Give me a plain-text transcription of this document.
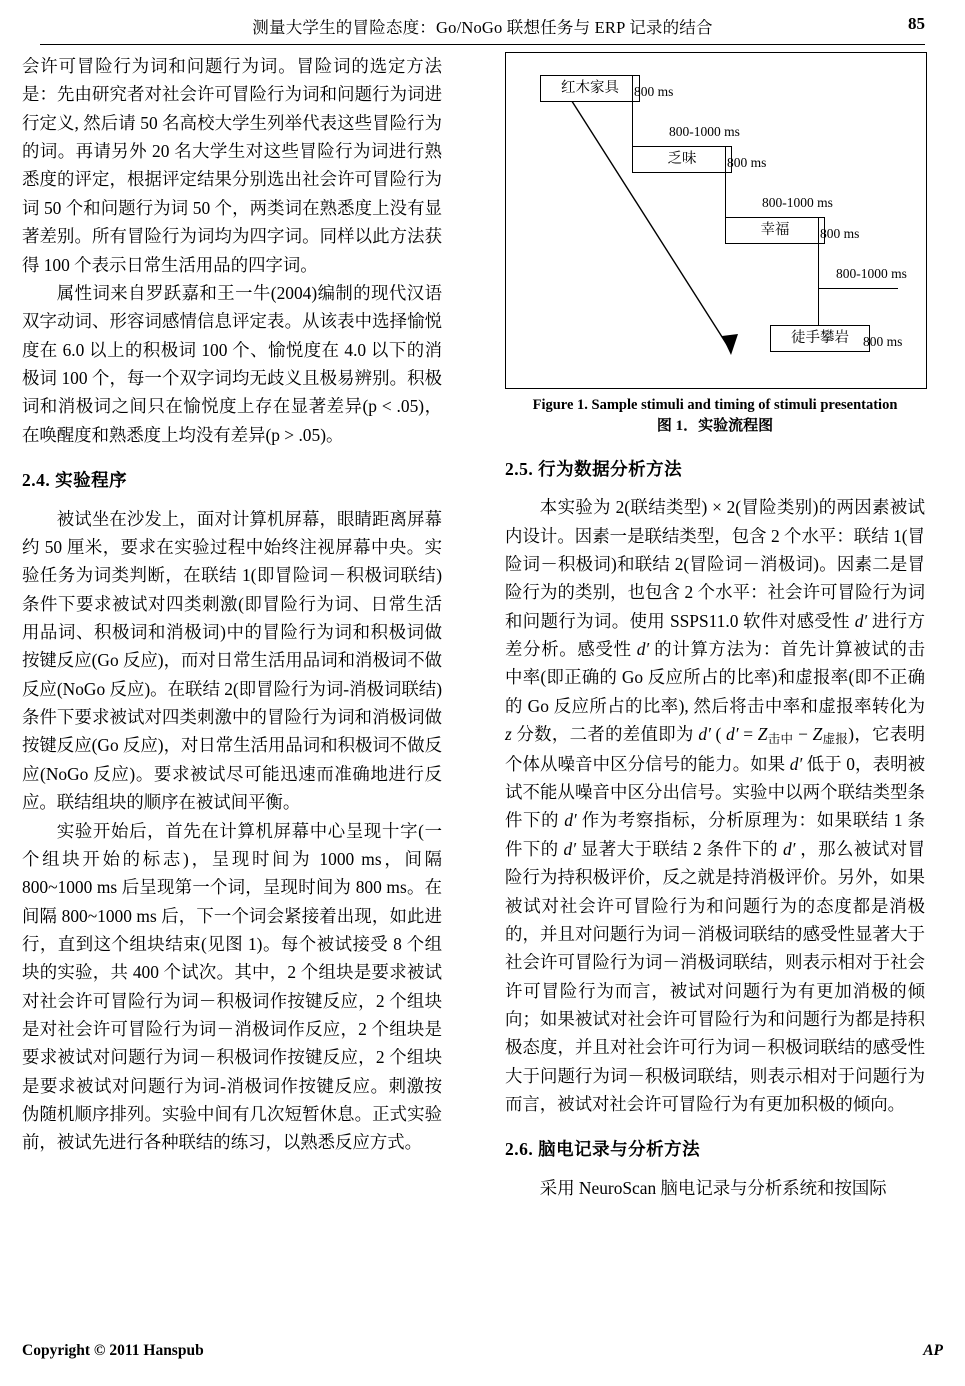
测量大学生的冒险态度：Go/NoGo 联想任务与 ERP 记录的结合	85

会许可冒险行为词和问题行为词。冒险词的选定方法是：先由研究者对社会许可冒险行为词和问题行为词进行定义, 然后请 50 名高校大学生列举代表这些冒险行为的词。再请另外 20 名大学生对这些冒险行为词进行熟悉度的评定，根据评定结果分别选出社会许可冒险行为词 50 个和问题行为词 50 个，两类词在熟悉度上没有显著差别。所有冒险行为词均为四字词。同样以此方法获得 100 个表示日常生活用品的四字词。

属性词来自罗跃嘉和王一牛(2004)编制的现代汉语双字动词、形容词感情信息评定表。从该表中选择愉悦度在 6.0 以上的积极词 100 个、愉悦度在 4.0 以下的消极词 100 个，每一个双字词均无歧义且极易辨别。积极词和消极词之间只在愉悦度上存在显著差异(p < .05)，在唤醒度和熟悉度上均没有差异(p > .05)。

2.4. 实验程序

被试坐在沙发上，面对计算机屏幕，眼睛距离屏幕约 50 厘米，要求在实验过程中始终注视屏幕中央。实验任务为词类判断，在联结 1(即冒险词－积极词联结)条件下要求被试对四类刺激(即冒险行为词、日常生活用品词、积极词和消极词)中的冒险行为词和积极词做按键反应(Go 反应)，而对日常生活用品词和消极词不做反应(NoGo 反应)。在联结 2(即冒险行为词-消极词联结)条件下要求被试对四类刺激中的冒险行为词和消极词做按键反应(Go 反应)，对日常生活用品词和积极词不做反应(NoGo 反应)。要求被试尽可能迅速而准确地进行反应。联结组块的顺序在被试间平衡。

实验开始后，首先在计算机屏幕中心呈现十字(一个组块开始的标志)，呈现时间为 1000 ms，间隔 800~1000 ms 后呈现第一个词，呈现时间为 800 ms。在间隔 800~1000 ms 后，下一个词会紧接着出现，如此进行，直到这个组块结束(见图 1)。每个被试接受 8 个组块的实验，共 400 个试次。其中，2 个组块是要求被试对社会许可冒险行为词－积极词作按键反应，2 个组块是对社会许可冒险行为词－消极词作反应，2 个组块是要求被试对问题行为词－积极词作按键反应，2 个组块是要求被试对问题行为词-消极词作按键反应。刺激按伪随机顺序排列。实验中间有几次短暂休息。正式实验前，被试先进行各种联结的练习，以熟悉反应方式。

红木家具	800 ms
800-1000 ms
乏味	800 ms
800-1000 ms
幸福	800 ms
800-1000 ms
徒手攀岩	800 ms
Figure 1. Sample stimuli and timing of stimuli presentation
图 1．实验流程图
2.5. 行为数据分析方法

本实验为 2(联结类型) × 2(冒险类别)的两因素被试内设计。因素一是联结类型，包含 2 个水平：联结 1(冒险词－积极词)和联结 2(冒险词－消极词)。因素二是冒险行为的类别，也包含 2 个水平：社会许可冒险行为词和问题行为词。使用 SSPS11.0 软件对感受性 d′ 进行方差分析。感受性 d′ 的计算方法为：首先计算被试的击中率(即正确的 Go 反应所占的比率)和虚报率(即不正确的 Go 反应所占的比率), 然后将击中率和虚报率转化为 z 分数，二者的差值即为 d′ ( $d' = Z_{击中} - Z_{虚报}$)，它表明个体从噪音中区分信号的能力。如果 d′ 低于 0，表明被试不能从噪音中区分出信号。实验中以两个联结类型条件下的 d′ 作为考察指标，分析原理为：如果联结 1 条件下的 d′ 显著大于联结 2 条件下的 d′ ，那么被试对冒险行为持积极评价，反之就是持消极评价。另外，如果被试对社会许可冒险行为和问题行为的态度都是消极的，并且对问题行为词－消极词联结的感受性显著大于社会许可冒险行为词－消极词联结，则表示相对于社会许可冒险行为而言，被试对问题行为有更加消极的倾向；如果被试对社会许可冒险行为和问题行为都是持积极态度，并且对社会许可行为词－积极词联结的感受性大于问题行为词－积极词联结，则表示相对于问题行为而言，被试对社会许可冒险行为有更加积极的倾向。

2.6. 脑电记录与分析方法

采用 NeuroScan 脑电记录与分析系统和按国际

Copyright © 2011 Hanspub	AP
